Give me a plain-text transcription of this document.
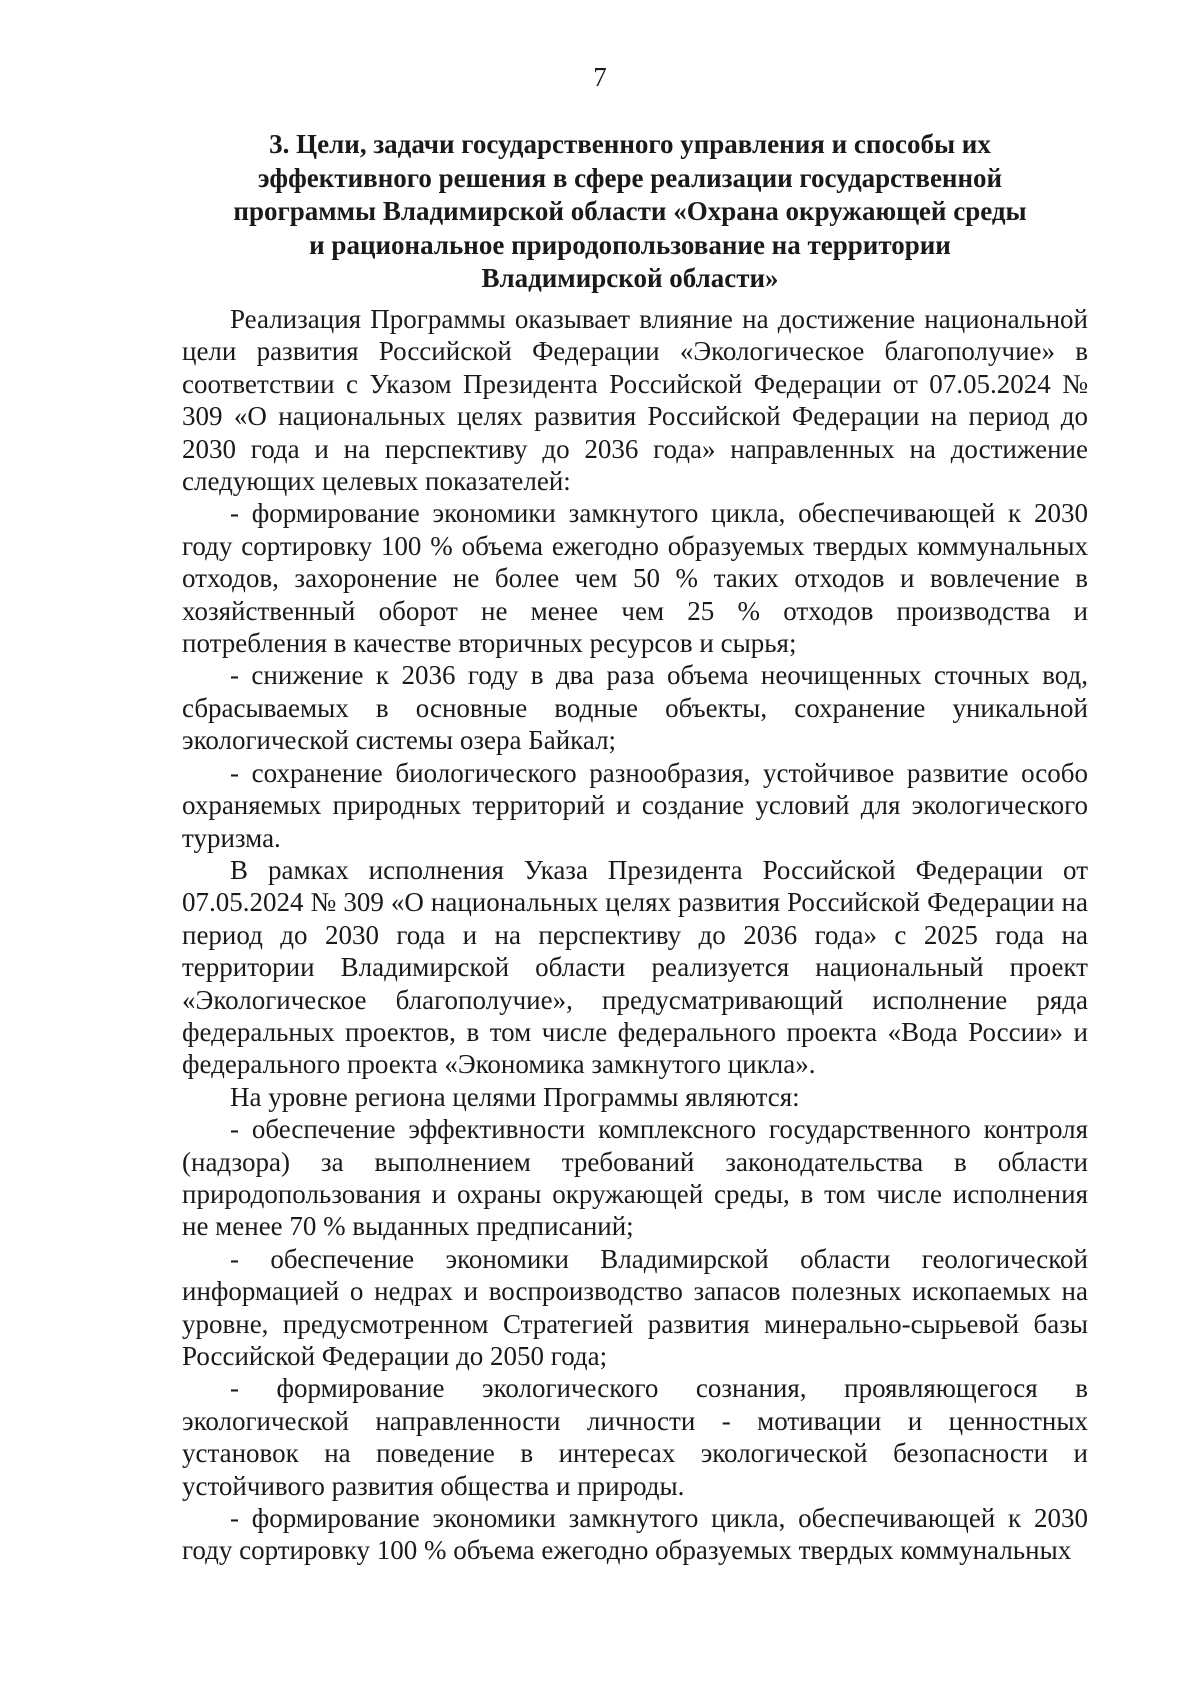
7
3. Цели, задачи государственного управления и способы их
эффективного решения в сфере реализации государственной
программы Владимирской области «Охрана окружающей среды
и рациональное природопользование на территории
Владимирской области»

Реализация Программы оказывает влияние на достижение национальной цели развития Российской Федерации «Экологическое благополучие» в соответствии с Указом Президента Российской Федерации от 07.05.2024 № 309 «О национальных целях развития Российской Федерации на период до 2030 года и на перспективу до 2036 года» направленных на достижение следующих целевых показателей:

- формирование экономики замкнутого цикла, обеспечивающей к 2030 году сортировку 100 % объема ежегодно образуемых твердых коммунальных отходов, захоронение не более чем 50 % таких отходов и вовлечение в хозяйственный оборот не менее чем 25 % отходов производства и потребления в качестве вторичных ресурсов и сырья;

- снижение к 2036 году в два раза объема неочищенных сточных вод, сбрасываемых в основные водные объекты, сохранение уникальной экологической системы озера Байкал;

- сохранение биологического разнообразия, устойчивое развитие особо охраняемых природных территорий и создание условий для экологического туризма.

В рамках исполнения Указа Президента Российской Федерации от 07.05.2024 № 309 «О национальных целях развития Российской Федерации на период до 2030 года и на перспективу до 2036 года» с 2025 года на территории Владимирской области реализуется национальный проект «Экологическое благополучие», предусматривающий исполнение ряда федеральных проектов, в том числе федерального проекта «Вода России» и федерального проекта «Экономика замкнутого цикла».

На уровне региона целями Программы являются:

- обеспечение эффективности комплексного государственного контроля (надзора) за выполнением требований законодательства в области природопользования и охраны окружающей среды, в том числе исполнения не менее 70 % выданных предписаний;

- обеспечение экономики Владимирской области геологической информацией о недрах и воспроизводство запасов полезных ископаемых на уровне, предусмотренном Стратегией развития минерально-сырьевой базы Российской Федерации до 2050 года;

- формирование экологического сознания, проявляющегося в экологической направленности личности - мотивации и ценностных установок на поведение в интересах экологической безопасности и устойчивого развития общества и природы.

- формирование экономики замкнутого цикла, обеспечивающей к 2030 году сортировку 100 % объема ежегодно образуемых твердых коммунальных
